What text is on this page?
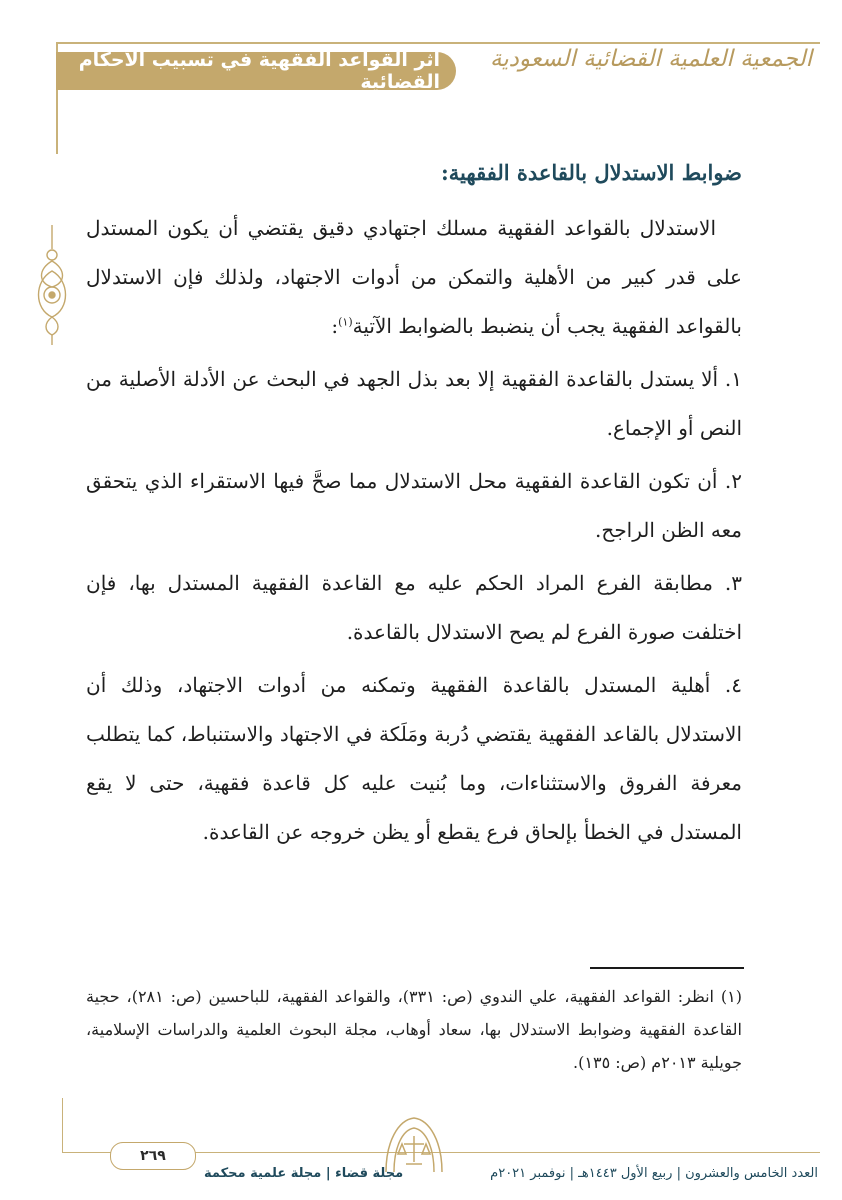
أثر القواعد الفقهية في تسبيب الأحكام القضائية
الجمعية العلمية القضائية السعودية
ضوابط الاستدلال بالقاعدة الفقهية:

الاستدلال بالقواعد الفقهية مسلك اجتهادي دقيق يقتضي أن يكون المستدل على قدر كبير من الأهلية والتمكن من أدوات الاجتهاد، ولذلك فإن الاستدلال بالقواعد الفقهية يجب أن ينضبط بالضوابط الآتية$^{(١)}$:

١. ألا يستدل بالقاعدة الفقهية إلا بعد بذل الجهد في البحث عن الأدلة الأصلية من النص أو الإجماع.

٢. أن تكون القاعدة الفقهية محل الاستدلال مما صحَّ فيها الاستقراء الذي يتحقق معه الظن الراجح.

٣. مطابقة الفرع المراد الحكم عليه مع القاعدة الفقهية المستدل بها، فإن اختلفت صورة الفرع لم يصح الاستدلال بالقاعدة.

٤. أهلية المستدل بالقاعدة الفقهية وتمكنه من أدوات الاجتهاد، وذلك أن الاستدلال بالقاعد الفقهية يقتضي دُربة ومَلَكة في الاجتهاد والاستنباط، كما يتطلب معرفة الفروق والاستثناءات، وما بُنيت عليه كل قاعدة فقهية، حتى لا يقع المستدل في الخطأ بإلحاق فرع يقطع أو يظن خروجه عن القاعدة.

(١) انظر: القواعد الفقهية، علي الندوي (ص: ٣٣١)، والقواعد الفقهية، للباحسين (ص: ٢٨١)، حجية القاعدة الفقهية وضوابط الاستدلال بها، سعاد أوهاب، مجلة البحوث العلمية والدراسات الإسلامية، جويلية ٢٠١٣م (ص: ١٣٥).
٢٦٩
مجلة قضاء | مجلة علمية محكمة	العدد الخامس والعشرون | ربيع الأول ١٤٤٣هـ | نوفمبر ٢٠٢١م
